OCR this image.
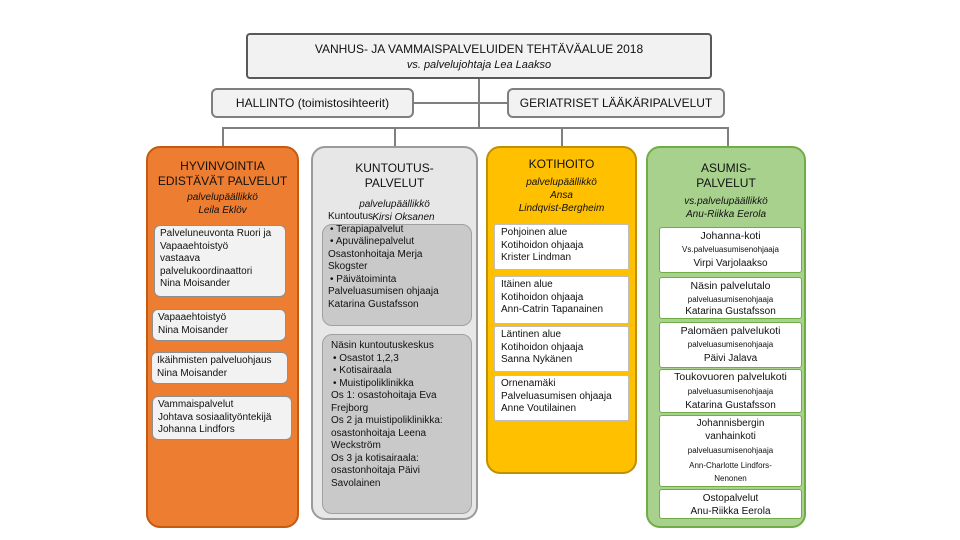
VANHUS- JA VAMMAISPALVELUIDEN TEHTÄVÄALUE 2018
vs. palvelujohtaja Lea Laakso
HALLINTO (toimistosihteerit)	GERIATRISET LÄÄKÄRIPALVELUT
HYVINVOINTIA
EDISTÄVÄT PALVELUT
palvelupäällikkö
Leila Eklöv
Palveluneuvonta Ruori ja
Vapaaehtoistyö
vastaava
palvelukoordinaattori
Nina Moisander
Vapaaehtoistyö
Nina Moisander
Ikäihmisten palveluohjaus
Nina Moisander
Vammaispalvelut
Johtava sosiaalityöntekijä
Johanna Lindfors
KUNTOUTUS-
PALVELUT
palvelupäällikkö
Kirsi Oksanen
Kuntoutus
• Terapiapalvelut
• Apuvälinepalvelut
Osastonhoitaja Merja
Skogster
• Päivätoiminta
Palveluasumisen ohjaaja
Katarina Gustafsson
Näsin kuntoutuskeskus
• Osastot 1,2,3
• Kotisairaala
• Muistipoliklinikka
Os 1: osastohoitaja Eva
Frejborg
Os 2 ja muistipoliklinikka:
osastonhoitaja Leena
Weckström
Os 3 ja kotisairaala:
osastonhoitaja Päivi
Savolainen
KOTIHOITO
palvelupäällikkö
Ansa
Lindqvist-Bergheim
Pohjoinen alue
Kotihoidon ohjaaja
Krister Lindman
Itäinen alue
Kotihoidon ohjaaja
Ann-Catrin Tapanainen
Läntinen alue
Kotihoidon ohjaaja
Sanna Nykänen
Ornenamäki
Palveluasumisen ohjaaja
Anne Voutilainen
ASUMIS-
PALVELUT
vs.palvelupäällikkö
Anu-Riikka Eerola
Johanna-koti
Vs.palveluasumisenohjaaja
Virpi Varjolaakso
Näsin palvelutalo
palveluasumisenohjaaja
Katarina Gustafsson
Palomäen palvelukoti
palveluasumisenohjaaja
Päivi Jalava
Toukovuoren palvelukoti
palveluasumisenohjaaja
Katarina Gustafsson
Johannisbergin
vanhainkoti
palveluasumisenohjaaja
Ann-Charlotte Lindfors-
Nenonen
Ostopalvelut
Anu-Riikka Eerola
